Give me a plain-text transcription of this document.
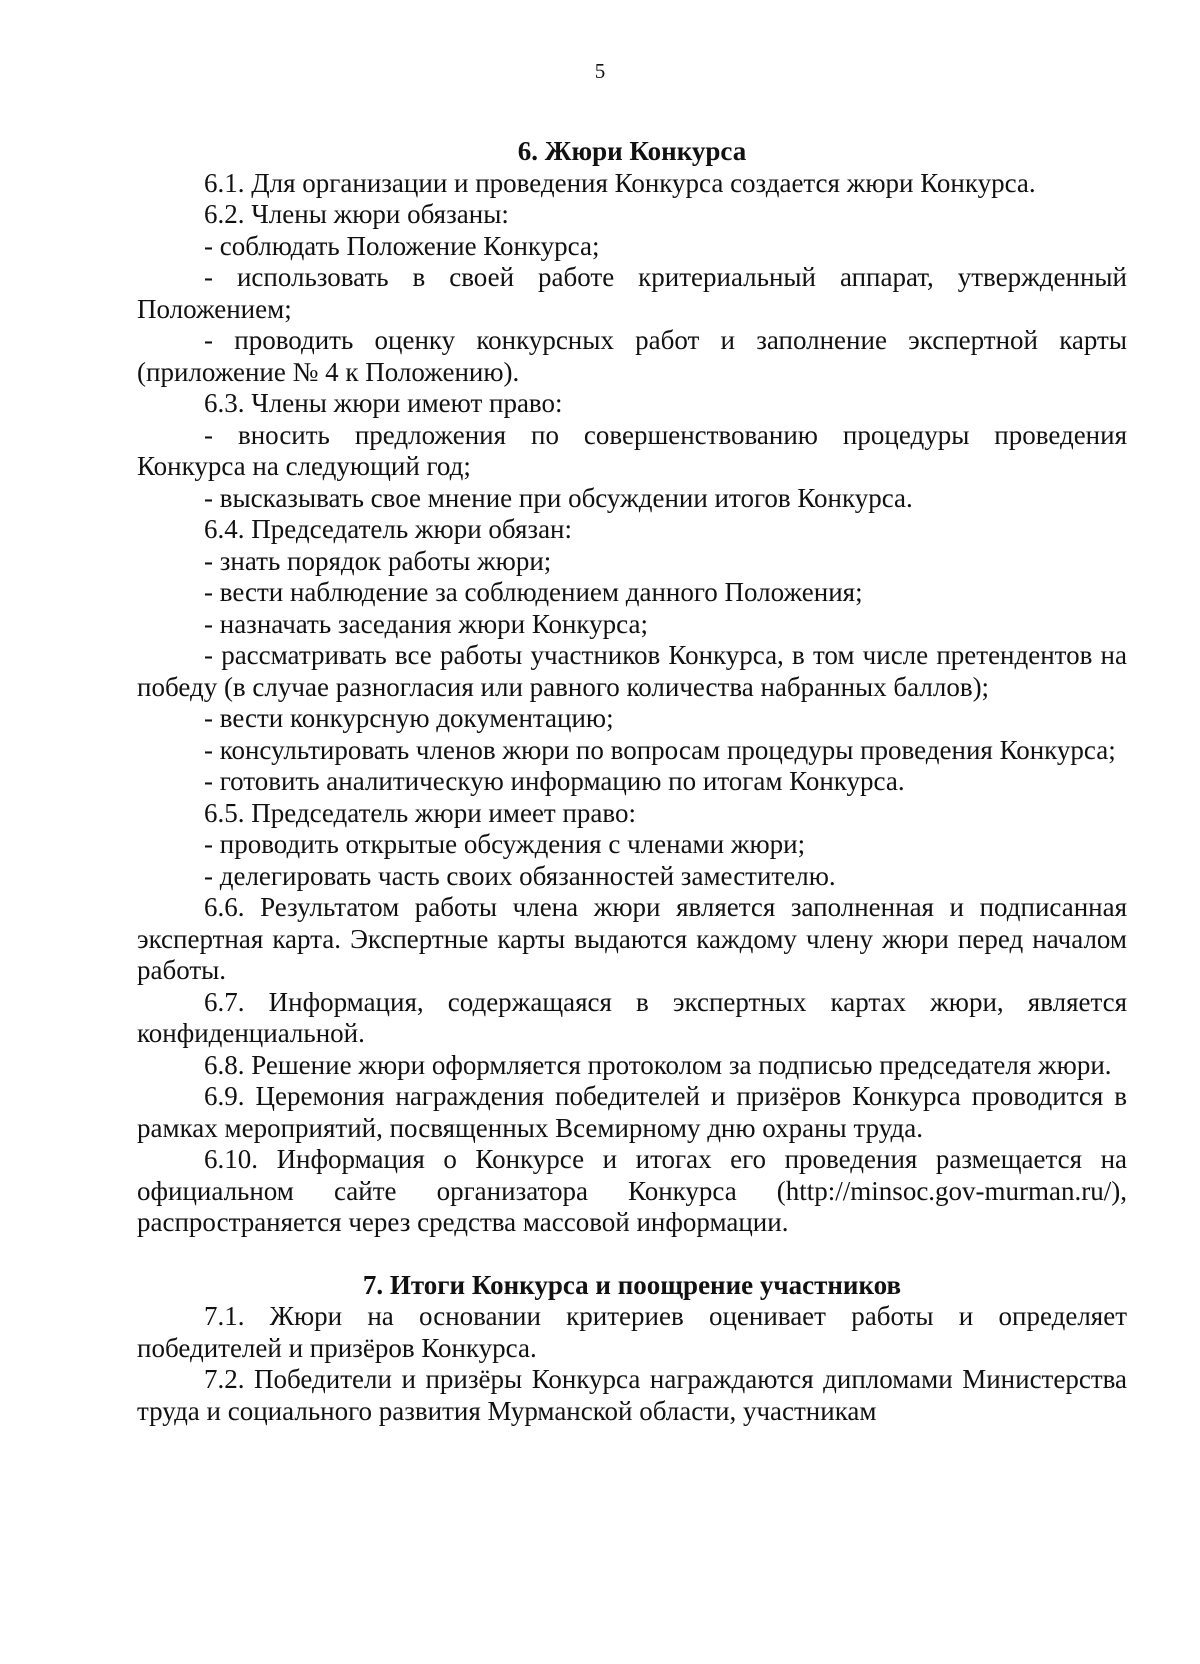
5
6. Жюри Конкурса

6.1. Для организации и проведения Конкурса создается жюри Конкурса.

6.2. Члены жюри обязаны:

- соблюдать Положение Конкурса;

- использовать в своей работе критериальный аппарат, утвержденный Положением;

- проводить оценку конкурсных работ и заполнение экспертной карты (приложение № 4 к Положению).

6.3. Члены жюри имеют право:

- вносить предложения по совершенствованию процедуры проведения Конкурса на следующий год;

- высказывать свое мнение при обсуждении итогов Конкурса.

6.4. Председатель жюри обязан:

- знать порядок работы жюри;

- вести наблюдение за соблюдением данного Положения;

- назначать заседания жюри Конкурса;

- рассматривать все работы участников Конкурса, в том числе претендентов на победу (в случае разногласия или равного количества набранных баллов);

- вести конкурсную документацию;

- консультировать членов жюри по вопросам процедуры проведения Конкурса;

- готовить аналитическую информацию по итогам Конкурса.

6.5. Председатель жюри имеет право:

- проводить открытые обсуждения с членами жюри;

- делегировать часть своих обязанностей заместителю.

6.6. Результатом работы члена жюри является заполненная и подписанная экспертная карта. Экспертные карты выдаются каждому члену жюри перед началом работы.

6.7. Информация, содержащаяся в экспертных картах жюри, является конфиденциальной.

6.8. Решение жюри оформляется протоколом за подписью председателя жюри.

6.9. Церемония награждения победителей и призёров Конкурса проводится в рамках мероприятий, посвященных Всемирному дню охраны труда.

6.10. Информация о Конкурсе и итогах его проведения размещается на официальном сайте организатора Конкурса (http://minsoc.gov-murman.ru/), распространяется через средства массовой информации.

7. Итоги Конкурса и поощрение участников

7.1. Жюри на основании критериев оценивает работы и определяет победителей и призёров Конкурса.

7.2. Победители и призёры Конкурса награждаются дипломами Министерства труда и социального развития Мурманской области, участникам
